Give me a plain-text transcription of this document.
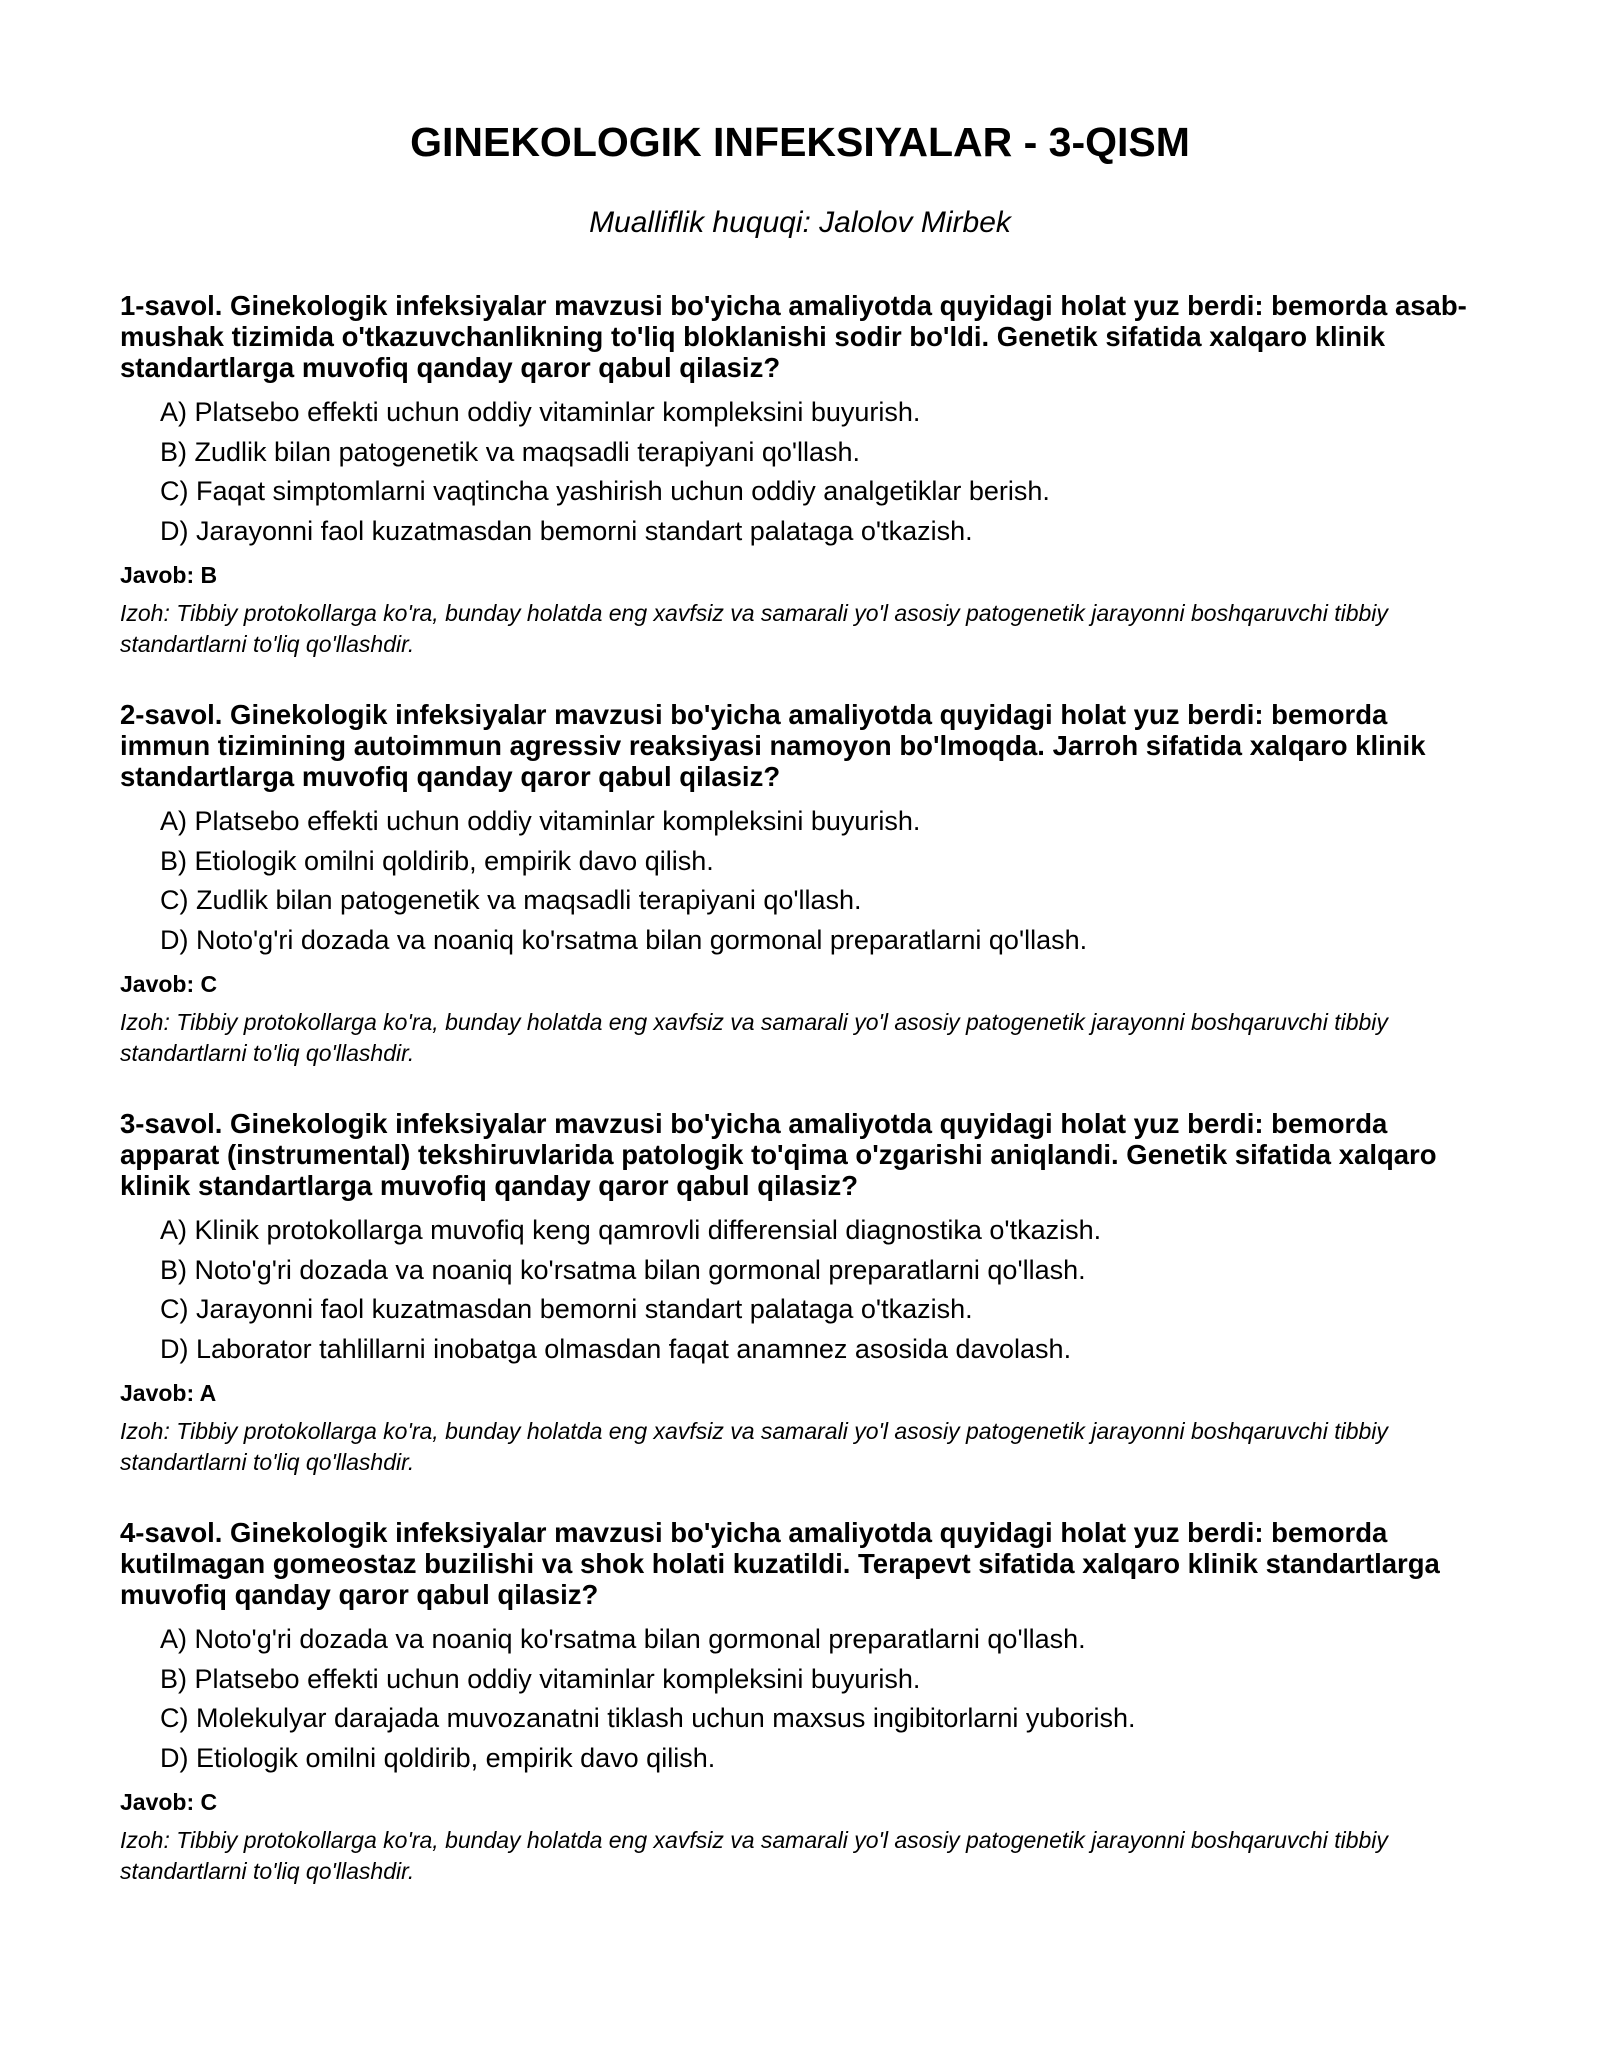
GINEKOLOGIK INFEKSIYALAR - 3-QISM

Mualliflik huquqi: Jalolov Mirbek

1-savol. Ginekologik infeksiyalar mavzusi bo'yicha amaliyotda quyidagi holat yuz berdi: bemorda asab-mushak tizimida o'tkazuvchanlikning to'liq bloklanishi sodir bo'ldi. Genetik sifatida xalqaro klinik standartlarga muvofiq qanday qaror qabul qilasiz?

A) Platsebo effekti uchun oddiy vitaminlar kompleksini buyurish.
B) Zudlik bilan patogenetik va maqsadli terapiyani qo'llash.
C) Faqat simptomlarni vaqtincha yashirish uchun oddiy analgetiklar berish.
D) Jarayonni faol kuzatmasdan bemorni standart palataga o'tkazish.

Javob: B

Izoh: Tibbiy protokollarga ko'ra, bunday holatda eng xavfsiz va samarali yo'l asosiy patogenetik jarayonni boshqaruvchi tibbiy standartlarni to'liq qo'llashdir.

2-savol. Ginekologik infeksiyalar mavzusi bo'yicha amaliyotda quyidagi holat yuz berdi: bemorda immun tizimining autoimmun agressiv reaksiyasi namoyon bo'lmoqda. Jarroh sifatida xalqaro klinik standartlarga muvofiq qanday qaror qabul qilasiz?

A) Platsebo effekti uchun oddiy vitaminlar kompleksini buyurish.
B) Etiologik omilni qoldirib, empirik davo qilish.
C) Zudlik bilan patogenetik va maqsadli terapiyani qo'llash.
D) Noto'g'ri dozada va noaniq ko'rsatma bilan gormonal preparatlarni qo'llash.

Javob: C

Izoh: Tibbiy protokollarga ko'ra, bunday holatda eng xavfsiz va samarali yo'l asosiy patogenetik jarayonni boshqaruvchi tibbiy standartlarni to'liq qo'llashdir.

3-savol. Ginekologik infeksiyalar mavzusi bo'yicha amaliyotda quyidagi holat yuz berdi: bemorda apparat (instrumental) tekshiruvlarida patologik to'qima o'zgarishi aniqlandi. Genetik sifatida xalqaro klinik standartlarga muvofiq qanday qaror qabul qilasiz?

A) Klinik protokollarga muvofiq keng qamrovli differensial diagnostika o'tkazish.
B) Noto'g'ri dozada va noaniq ko'rsatma bilan gormonal preparatlarni qo'llash.
C) Jarayonni faol kuzatmasdan bemorni standart palataga o'tkazish.
D) Laborator tahlillarni inobatga olmasdan faqat anamnez asosida davolash.

Javob: A

Izoh: Tibbiy protokollarga ko'ra, bunday holatda eng xavfsiz va samarali yo'l asosiy patogenetik jarayonni boshqaruvchi tibbiy standartlarni to'liq qo'llashdir.

4-savol. Ginekologik infeksiyalar mavzusi bo'yicha amaliyotda quyidagi holat yuz berdi: bemorda kutilmagan gomeostaz buzilishi va shok holati kuzatildi. Terapevt sifatida xalqaro klinik standartlarga muvofiq qanday qaror qabul qilasiz?

A) Noto'g'ri dozada va noaniq ko'rsatma bilan gormonal preparatlarni qo'llash.
B) Platsebo effekti uchun oddiy vitaminlar kompleksini buyurish.
C) Molekulyar darajada muvozanatni tiklash uchun maxsus ingibitorlarni yuborish.
D) Etiologik omilni qoldirib, empirik davo qilish.

Javob: C

Izoh: Tibbiy protokollarga ko'ra, bunday holatda eng xavfsiz va samarali yo'l asosiy patogenetik jarayonni boshqaruvchi tibbiy standartlarni to'liq qo'llashdir.
